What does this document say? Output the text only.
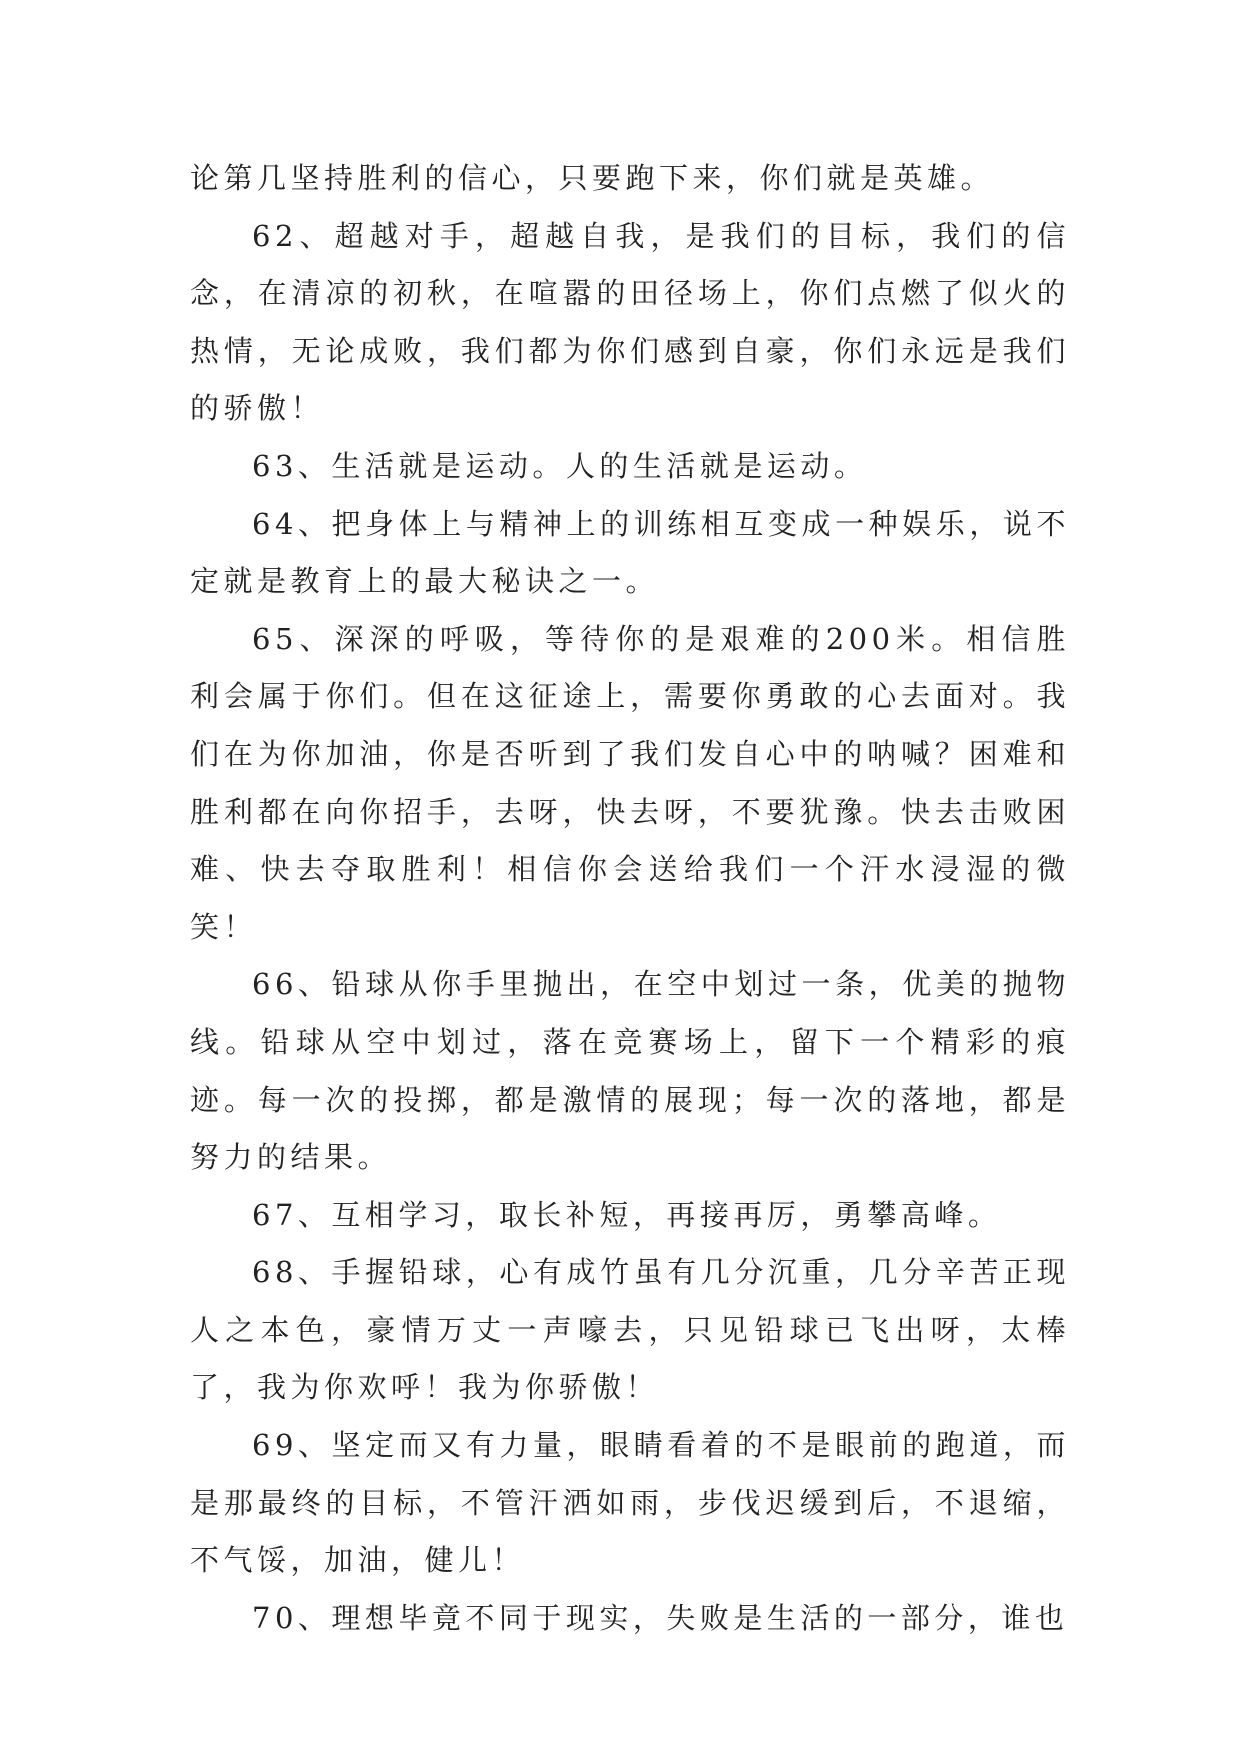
论第几坚持胜利的信心，只要跑下来，你们就是英雄。

62、超越对手，超越自我，是我们的目标，我们的信念，在清凉的初秋，在喧嚣的田径场上，你们点燃了似火的热情，无论成败，我们都为你们感到自豪，你们永远是我们的骄傲！

63、生活就是运动。人的生活就是运动。

64、把身体上与精神上的训练相互变成一种娱乐，说不定就是教育上的最大秘诀之一。

65、深深的呼吸，等待你的是艰难的200米。相信胜利会属于你们。但在这征途上，需要你勇敢的心去面对。我们在为你加油，你是否听到了我们发自心中的呐喊？困难和胜利都在向你招手，去呀，快去呀，不要犹豫。快去击败困难、快去夺取胜利！相信你会送给我们一个汗水浸湿的微笑！

66、铅球从你手里抛出，在空中划过一条，优美的抛物线。铅球从空中划过，落在竞赛场上，留下一个精彩的痕迹。每一次的投掷，都是激情的展现；每一次的落地，都是努力的结果。

67、互相学习，取长补短，再接再厉，勇攀高峰。

68、手握铅球，心有成竹虽有几分沉重，几分辛苦正现人之本色，豪情万丈一声嚎去，只见铅球已飞出呀，太棒了，我为你欢呼！我为你骄傲！

69、坚定而又有力量，眼睛看着的不是眼前的跑道，而是那最终的目标，不管汗洒如雨，步伐迟缓到后，不退缩，不气馁，加油，健儿！

70、理想毕竟不同于现实，失败是生活的一部分，谁也
